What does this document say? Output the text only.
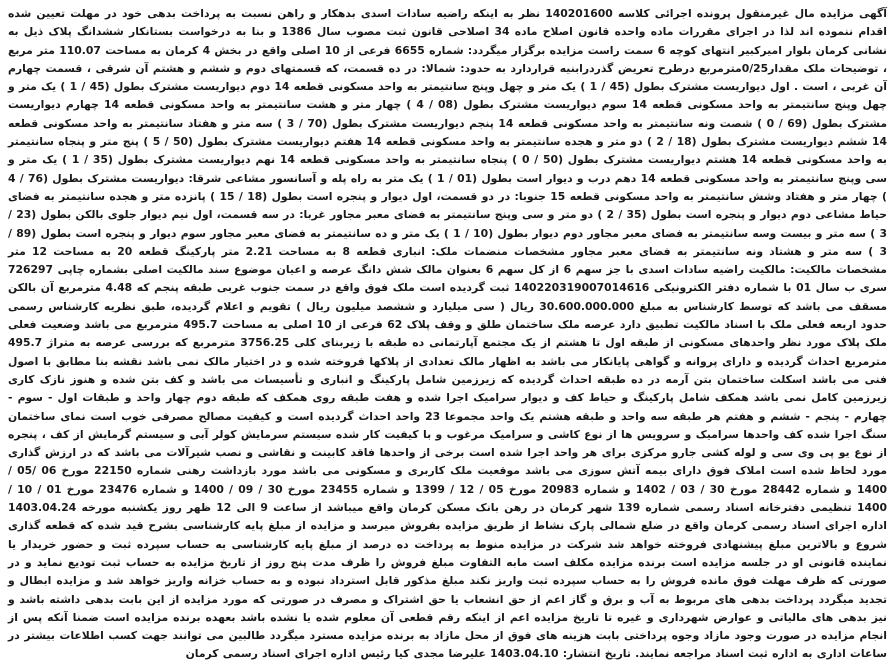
آگهی مزایده مال غیرمنقول پرونده اجرائی کلاسه 140201600 نظر به اینکه راضیه سادات اسدی بدهکار و راهن نسبت به پرداخت بدهی خود در مهلت تعیین شده اقدام ننموده اند لذا در اجرای مقررات ماده واحده قانون اصلاح ماده 34 اصلاحی قانون ثبت مصوب سال 1386 و بنا به درخواست بستانکار ششدانگ پلاک ذیل به نشانی کرمان بلوار امیرکبیر انتهای کوچه 6 سمت راست مزایده برگزار میگردد: شماره 6655 فرعی از 10 اصلی واقع در بخش 4 کرمان به مساحت 110.07 متر مربع ، توضیحات ملک مقدار0/25مترمربع درطرح تعریض گذردرابنیه قراردارد به حدود: شمالا: در ده قسمت، که قسمتهای دوم و ششم و هشتم آن شرقی ، قسمت چهارم آن غربی ، است . اول دیواریست مشترک بطول (45 / 1 ) یک متر و چهل وپنج سانتیمتر به واحد مسکونی قطعه 14 دوم دیواریست مشترک بطول (45 / 1 ) یک متر و چهل وپنج سانتیمتر به واحد مسکونی قطعه 14 سوم دیواریست مشترک بطول (08 / 4 ) چهار متر و هشت سانتیمتر به واحد مسکونی قطعه 14 چهارم دیواریست مشترک بطول (69 / 0 ) شصت ونه سانتیمتر به واحد مسکونی قطعه 14 پنجم دیواریست مشترک بطول (70 / 3 ) سه متر و هفتاد سانتیمتر به واحد مسکونی قطعه 14 ششم دیواریست مشترک بطول (18 / 2 ) دو متر و هجده سانتیمتر به واحد مسکونی قطعه 14 هفتم دیواریست مشترک بطول (50 / 5 ) پنج متر و پنجاه سانتیمتر به واحد مسکونی قطعه 14 هشتم دیواریست مشترک بطول (50 / 0 ) پنجاه سانتیمتر به واحد مسکونی قطعه 14 نهم دیواریست مشترک بطول (35 / 1 ) یک متر و سی وپنج سانتیمتر به واحد مسکونی قطعه 14 دهم درب و دیوار است بطول (01 / 1 ) یک متر به راه پله و آسانسور مشاعی شرقا: دیواریست مشترک بطول (76 / 4 ) چهار متر و هفتاد وشش سانتیمتر به واحد مسکونی قطعه 15 جنوبا: در دو قسمت، اول دیوار و پنجره است بطول (18 / 15 ) پانزده متر و هجده سانتیمتر به فضای حیاط مشاعی دوم دیوار و پنجره است بطول (35 / 2 ) دو متر و سی وپنج سانتیمتر به فضای معبر مجاور غربا: در سه قسمت، اول نیم دیوار جلوی بالکن بطول (23 / 3 ) سه متر و بیست وسه سانتیمتر به فضای معبر مجاور دوم دیوار بطول (10 / 1 ) یک متر و ده سانتیمتر به فضای معبر مجاور سوم دیوار و پنجره است بطول (89 / 3 ) سه متر و هشتاد ونه سانتیمتر به فضای معبر مجاور مشخصات منضمات ملک: انباری قطعه 8 به مساحت 2.21 متر پارکینگ قطعه 20 به مساحت 12 متر مشخصات مالکیت: مالکیت راضیه سادات اسدی با جز سهم 6 از کل سهم 6 بعنوان مالک شش دانگ عرصه و اعیان موضوع سند مالکیت اصلی بشماره چاپی 726297 سری ب سال 01 با شماره دفتر الکترونیکی 140220319007014616 ثبت گردیده است ملک فوق واقع در سمت جنوب غربی طبقه پنجم که 4.48 مترمربع آن بالکن مسقف می باشد که توسط کارشناس به مبلغ 30.600.000.000 ریال ( سی میلیارد و ششصد میلیون ریال ) تقویم و اعلام گردیده، طبق نظریه کارشناس رسمی حدود اربعه فعلی ملک با اسناد مالکیت تطبیق دارد عرصه ملک ساختمان طلق و وقف پلاک 62 فرعی از 10 اصلی به مساحت 495.7 مترمربع می باشد وضعیت فعلی ملک پلاک مورد نظر واحدهای مسکونی از طبقه اول تا هشتم از یک مجتمع آپارتمانی ده طبقه با زیربنای کلی 3756.25 مترمربع که بررسی عرصه به متراژ 495.7 مترمربع احداث گردیده و دارای پروانه و گواهی پایانکار می باشد به اظهار مالک تعدادی از پلاکها فروخته شده و در اختیار مالک نمی باشد نقشه بنا مطابق با اصول فنی می باشد اسکلت ساختمان بتن آرمه در ده طبقه احداث گردیده که زیرزمین شامل پارکینگ و انباری و تأسیسات می باشد و کف بتن شده و هنوز نازک کاری زیرزمین کامل نمی باشد همکف شامل پارکینگ و حیاط کف و دیوار سرامیک اجرا شده و هفت طبقه روی همکف که طبقه دوم چهار واحد و طبقات اول - سوم - چهارم - پنجم - ششم و هفتم هر طبقه سه واحد و طبقه هشتم یک واحد مجموعا 23 واحد احداث گردیده است و کیفیت مصالح مصرفی خوب است نمای ساختمان سنگ اجرا شده کف واحدها سرامیک و سرویس ها از نوع کاشی و سرامیک مرغوب و با کیفیت کار شده سیستم سرمایش کولر آبی و سیستم گرمایش از کف ، پنجره از نوع یو پی وی سی و لوله کشی جارو مرکزی برای هر واحد اجرا شده است برخی از واحدها فاقد کابینت و نقاشی و نصب شیرآلات می باشد که در ارزش گذاری مورد لحاظ شده است املاک فوق دارای بیمه آتش سوزی می باشد موقعیت ملک کاربری و مسکونی می باشد مورد بازداشت رهنی شماره 22150 مورخ 06 /05 / 1400 و شماره 28442 مورخ 30 / 03 / 1402 و شماره 20983 مورخ 05 / 12 / 1399 و شماره 23455 مورخ 30 / 09 / 1400 و شماره 23476 مورخ 01 / 10 / 1400 تنظیمی دفترخانه اسناد رسمی شماره 139 شهر کرمان در رهن بانک مسکن کرمان واقع میباشد از ساعت 9 الی 12 ظهر روز یکشنبه مورخه 1403.04.24 اداره اجرای اسناد رسمی کرمان واقع در ضلع شمالی پارک نشاط از طریق مزایده بفروش میرسد و مزایده از مبلغ پایه کارشناسی بشرح قید شده که قطعه گذاری شروع و بالاترین مبلغ پیشنهادی فروخته خواهد شد شرکت در مزایده منوط به پرداخت ده درصد از مبلغ پایه کارشناسی به حساب سپرده ثبت و حضور خریدار یا نماینده قانونی او در جلسه مزایده است برنده مزایده مکلف است مابه التفاوت مبلغ فروش را ظرف مدت پنج روز از تاریخ مزایده به حساب ثبت تودیع نماید و در صورتی که ظرف مهلت فوق مانده فروش را به حساب سپرده ثبت واریز نکند مبلغ مذکور قابل استرداد نبوده و به حساب خزانه واریز خواهد شد و مزایده ابطال و تجدید میگردد پرداخت بدهی های مربوط به آب و برق و گاز اعم از حق انشعاب یا حق اشتراک و مصرف در صورتی که مورد مزایده از این بابت بدهی داشته باشد و نیز بدهی های مالیاتی و عوارض شهرداری و غیره تا تاریخ مزایده اعم از اینکه رقم قطعی آن معلوم شده یا نشده باشد بعهده برنده مزایده است ضمنا آنکه پس از انجام مزایده در صورت وجود مازاد وجوه پرداختی بابت هزینه های فوق از محل مازاد به برنده مزایده مسترد میگردد طالبین می توانند جهت کسب اطلاعات بیشتر در ساعات اداری به اداره ثبت اسناد مراجعه نمایند. تاریخ انتشار: 1403.04.10 علیرضا مجدی کیا رئیس اداره اجرای اسناد رسمی کرمان
